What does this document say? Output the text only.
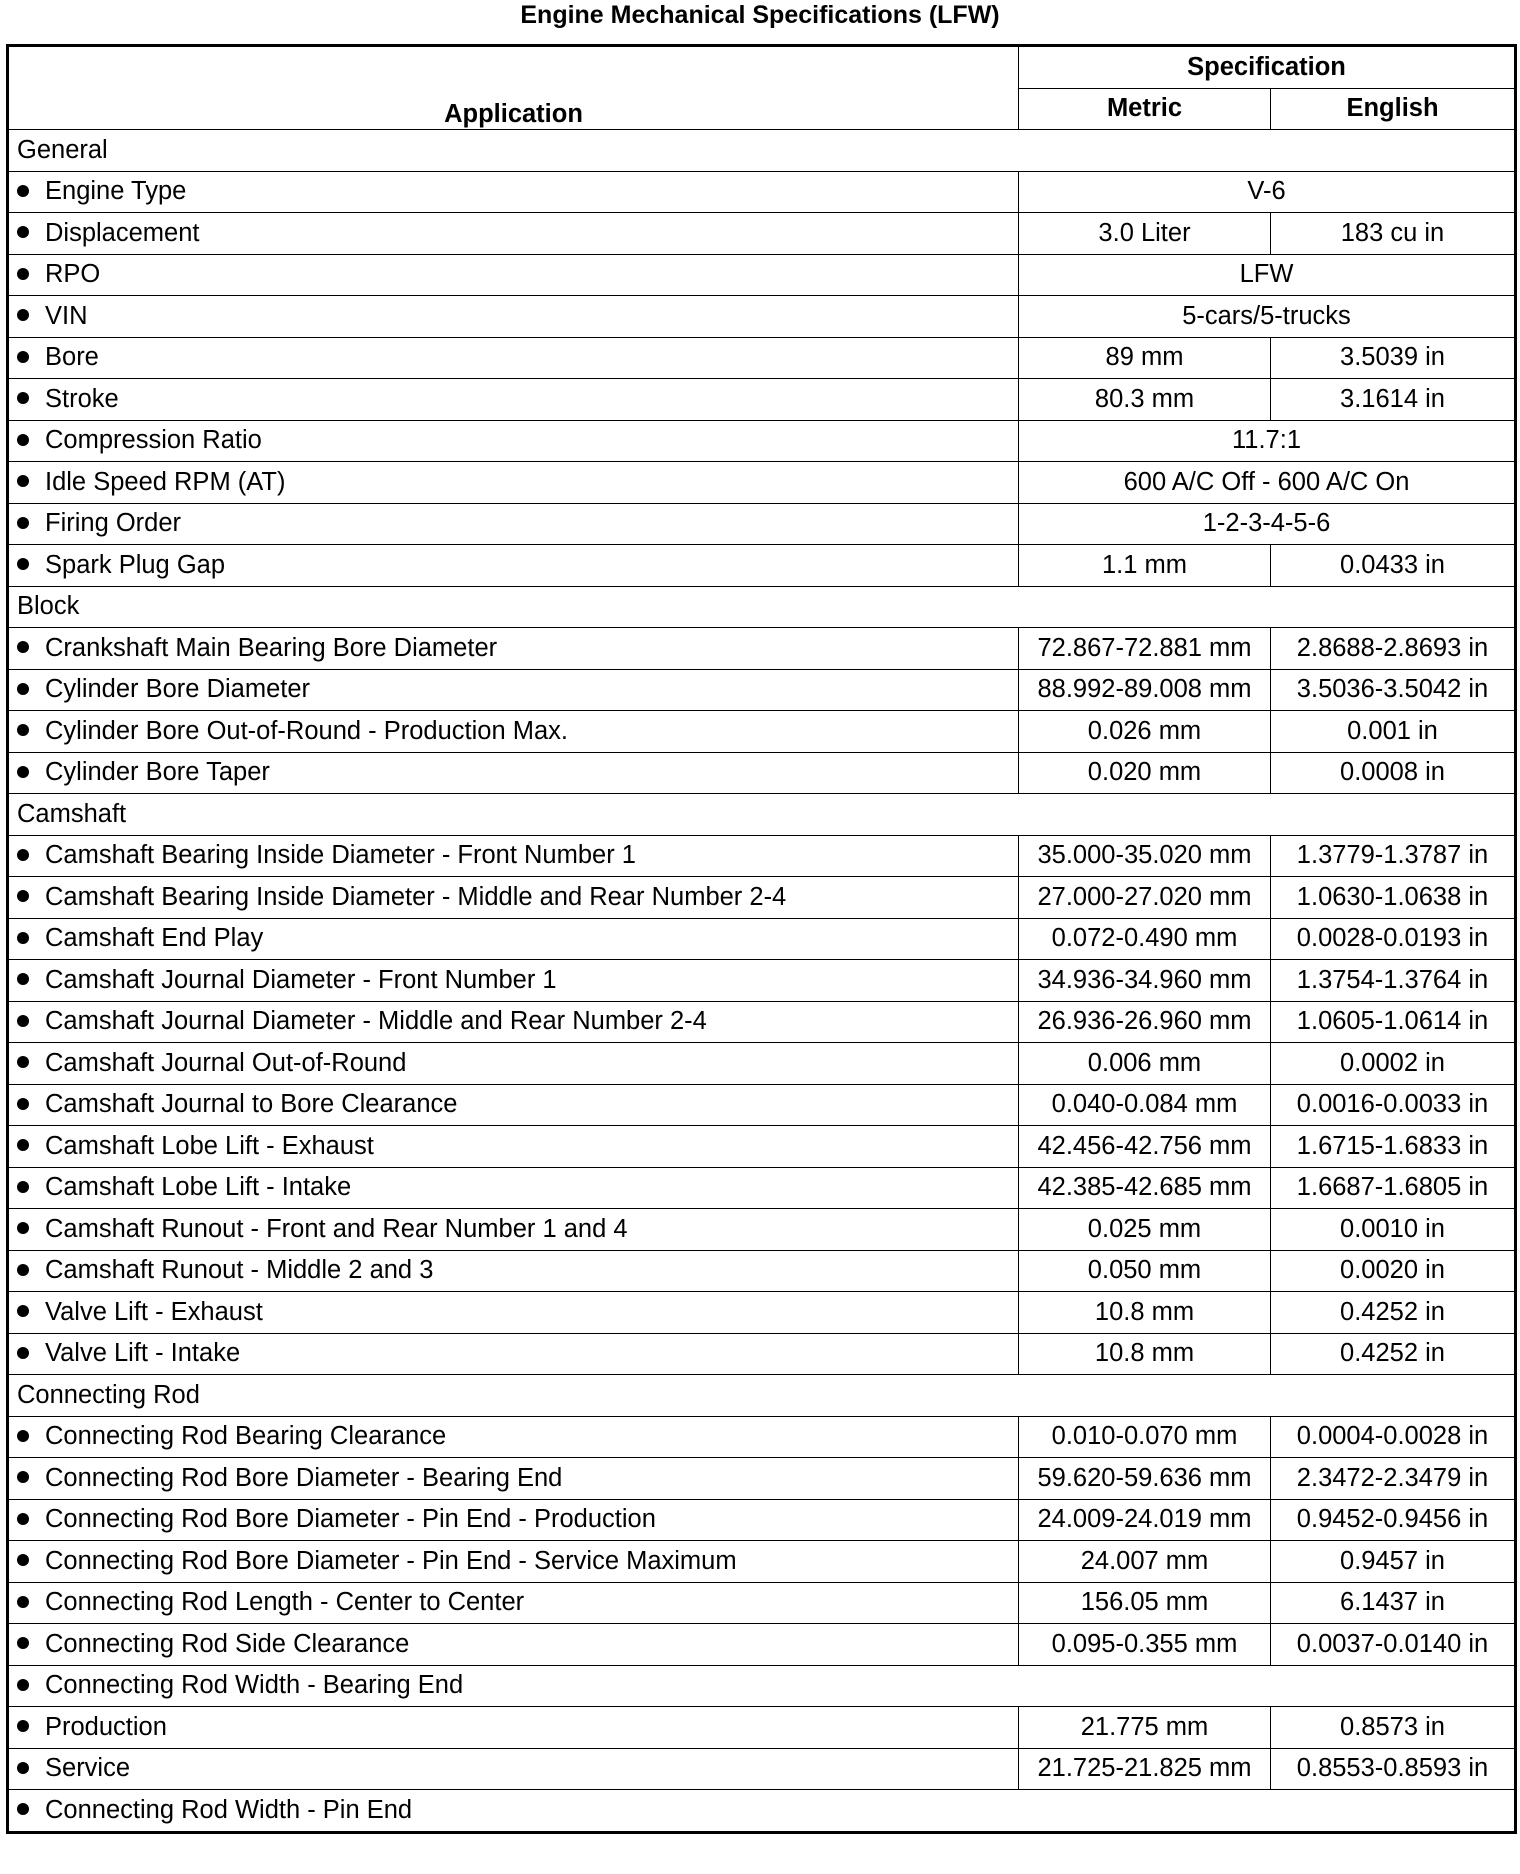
Engine Mechanical Specifications (LFW)
Application	Specification	
	Metric	English
General		
Engine Type	V-6	
Displacement	3.0 Liter	183 cu in
RPO	LFW	
VIN	5-cars/5-trucks	
Bore	89 mm	3.5039 in
Stroke	80.3 mm	3.1614 in
Compression Ratio	11.7:1	
Idle Speed RPM (AT)	600 A/C Off - 600 A/C On	
Firing Order	1-2-3-4-5-6	
Spark Plug Gap	1.1 mm	0.0433 in
Block		
Crankshaft Main Bearing Bore Diameter	72.867-72.881 mm	2.8688-2.8693 in
Cylinder Bore Diameter	88.992-89.008 mm	3.5036-3.5042 in
Cylinder Bore Out-of-Round - Production Max.	0.026 mm	0.001 in
Cylinder Bore Taper	0.020 mm	0.0008 in
Camshaft		
Camshaft Bearing Inside Diameter - Front Number 1	35.000-35.020 mm	1.3779-1.3787 in
Camshaft Bearing Inside Diameter - Middle and Rear Number 2-4	27.000-27.020 mm	1.0630-1.0638 in
Camshaft End Play	0.072-0.490 mm	0.0028-0.0193 in
Camshaft Journal Diameter - Front Number 1	34.936-34.960 mm	1.3754-1.3764 in
Camshaft Journal Diameter - Middle and Rear Number 2-4	26.936-26.960 mm	1.0605-1.0614 in
Camshaft Journal Out-of-Round	0.006 mm	0.0002 in
Camshaft Journal to Bore Clearance	0.040-0.084 mm	0.0016-0.0033 in
Camshaft Lobe Lift - Exhaust	42.456-42.756 mm	1.6715-1.6833 in
Camshaft Lobe Lift - Intake	42.385-42.685 mm	1.6687-1.6805 in
Camshaft Runout - Front and Rear Number 1 and 4	0.025 mm	0.0010 in
Camshaft Runout - Middle 2 and 3	0.050 mm	0.0020 in
Valve Lift - Exhaust	10.8 mm	0.4252 in
Valve Lift - Intake	10.8 mm	0.4252 in
Connecting Rod		
Connecting Rod Bearing Clearance	0.010-0.070 mm	0.0004-0.0028 in
Connecting Rod Bore Diameter - Bearing End	59.620-59.636 mm	2.3472-2.3479 in
Connecting Rod Bore Diameter - Pin End - Production	24.009-24.019 mm	0.9452-0.9456 in
Connecting Rod Bore Diameter - Pin End - Service Maximum	24.007 mm	0.9457 in
Connecting Rod Length - Center to Center	156.05 mm	6.1437 in
Connecting Rod Side Clearance	0.095-0.355 mm	0.0037-0.0140 in
Connecting Rod Width - Bearing End		
Production	21.775 mm	0.8573 in
Service	21.725-21.825 mm	0.8553-0.8593 in
Connecting Rod Width - Pin End		
